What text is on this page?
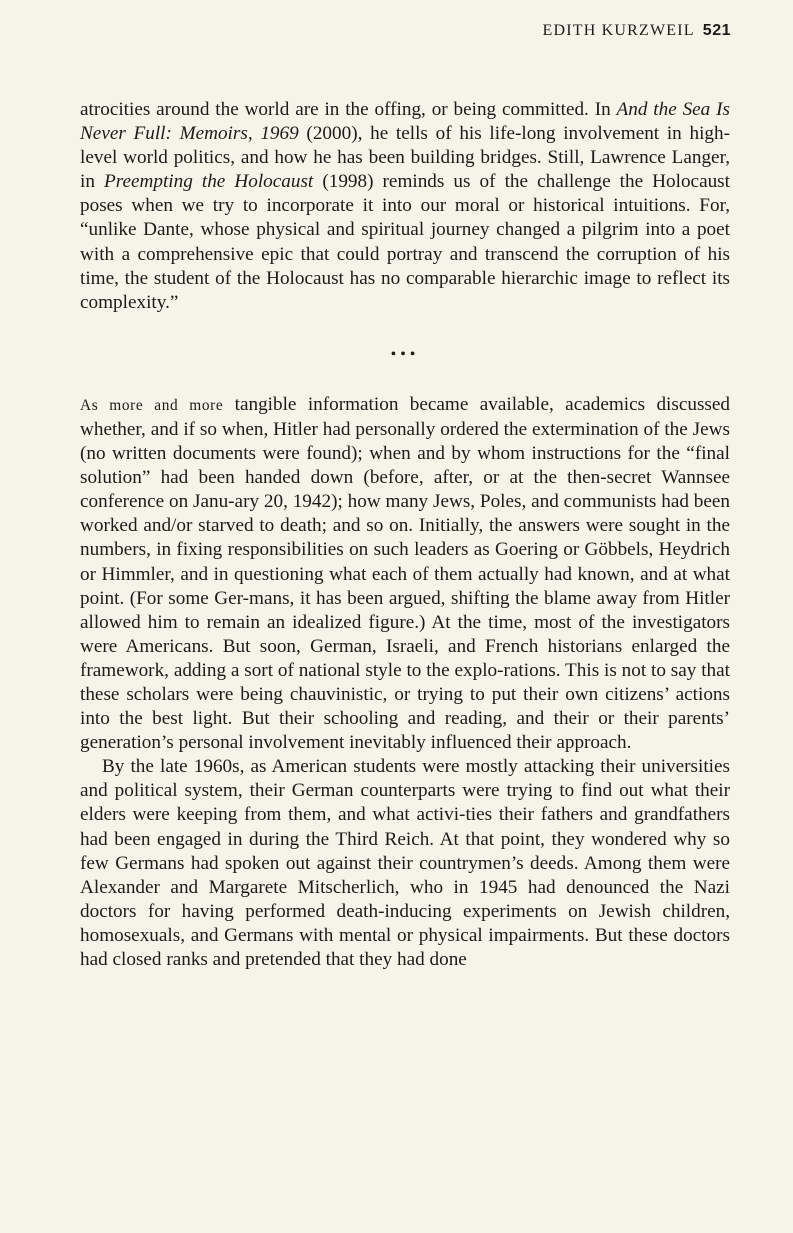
EDITH KURZWEIL 521

atrocities around the world are in the offing, or being committed. In And the Sea Is Never Full: Memoirs, 1969 (2000), he tells of his life-long involvement in high-level world politics, and how he has been building bridges. Still, Lawrence Langer, in Preempting the Holocaust (1998) reminds us of the challenge the Holocaust poses when we try to incorporate it into our moral or historical intuitions. For, “unlike Dante, whose physical and spiritual journey changed a pilgrim into a poet with a comprehensive epic that could portray and transcend the corruption of his time, the student of the Holocaust has no comparable hierarchic image to reflect its complexity.”

•••

As more and more tangible information became available, academics discussed whether, and if so when, Hitler had personally ordered the extermination of the Jews (no written documents were found); when and by whom instructions for the “final solution” had been handed down (before, after, or at the then-secret Wannsee conference on Janu-ary 20, 1942); how many Jews, Poles, and communists had been worked and/or starved to death; and so on. Initially, the answers were sought in the numbers, in fixing responsibilities on such leaders as Goering or Göbbels, Heydrich or Himmler, and in questioning what each of them actually had known, and at what point. (For some Ger-mans, it has been argued, shifting the blame away from Hitler allowed him to remain an idealized figure.) At the time, most of the investigators were Americans. But soon, German, Israeli, and French historians enlarged the framework, adding a sort of national style to the explo-rations. This is not to say that these scholars were being chauvinistic, or trying to put their own citizens’ actions into the best light. But their schooling and reading, and their or their parents’ generation’s personal involvement inevitably influenced their approach.

By the late 1960s, as American students were mostly attacking their universities and political system, their German counterparts were trying to find out what their elders were keeping from them, and what activi-ties their fathers and grandfathers had been engaged in during the Third Reich. At that point, they wondered why so few Germans had spoken out against their countrymen’s deeds. Among them were Alexander and Margarete Mitscherlich, who in 1945 had denounced the Nazi doctors for having performed death-inducing experiments on Jewish children, homosexuals, and Germans with mental or physical impairments. But these doctors had closed ranks and pretended that they had done
